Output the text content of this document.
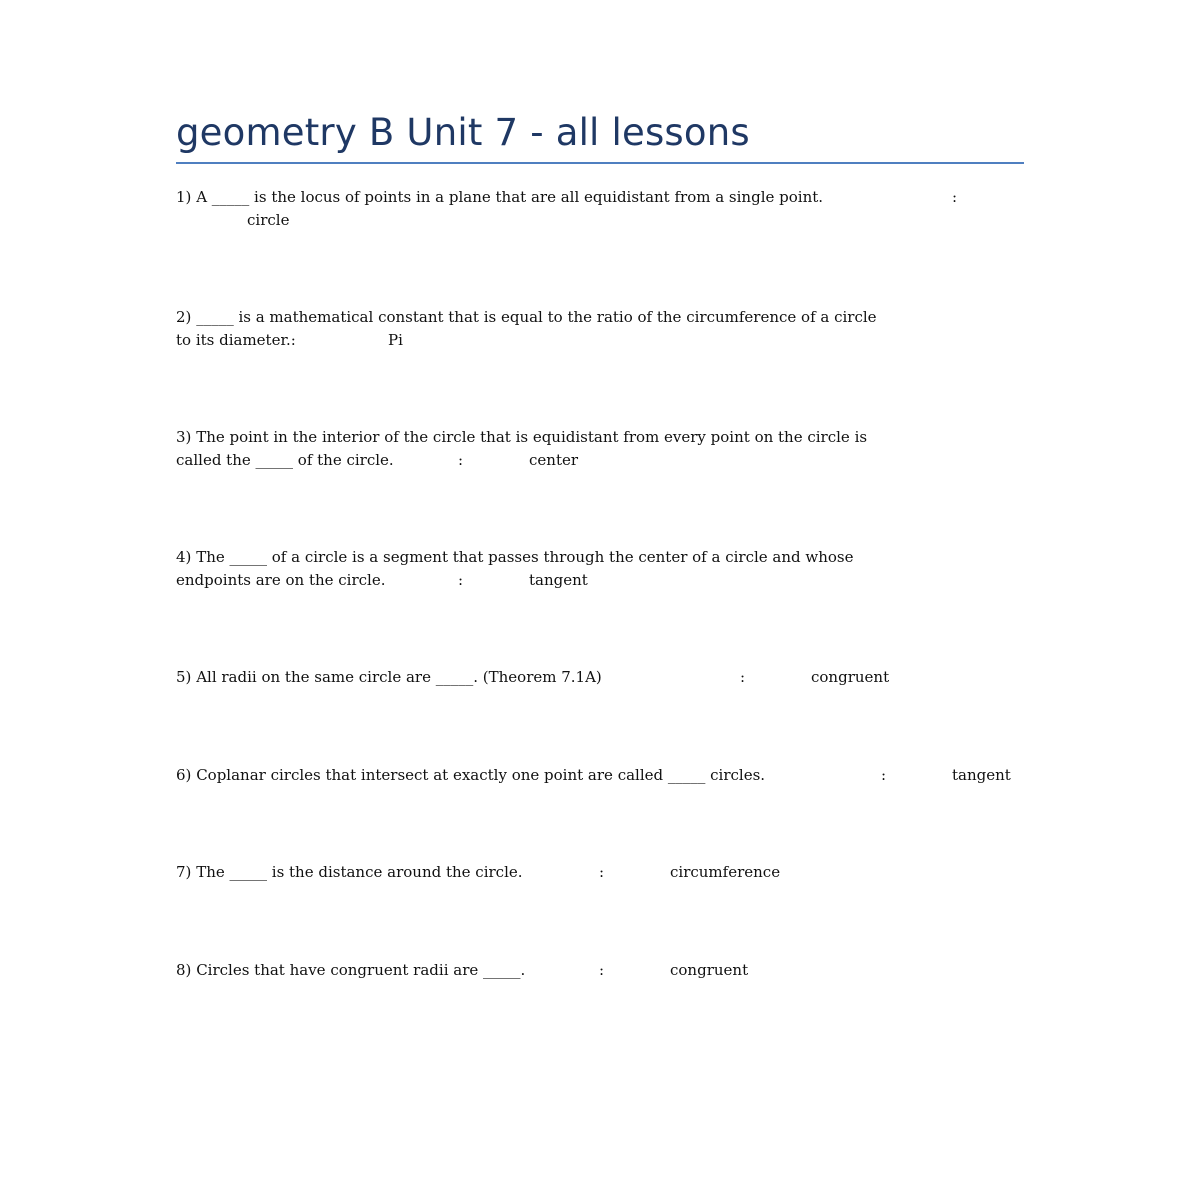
geometry B Unit 7 - all lessons
1) A _____ is the locus of points in a plane that are all equidistant from a single point.	:
circle
2) _____ is a mathematical constant that is equal to the ratio of the circumference of a circle
to its diameter.:	Pi
3) The point in the interior of the circle that is equidistant from every point on the circle is
called the _____ of the circle.	:	center
4) The _____ of a circle is a segment that passes through the center of a circle and whose
endpoints are on the circle.	:	tangent
5) All radii on the same circle are _____. (Theorem 7.1A)	:	congruent
6) Coplanar circles that intersect at exactly one point are called _____ circles.	:	tangent
7) The _____ is the distance around the circle.	:	circumference
8) Circles that have congruent radii are _____.	:	congruent
